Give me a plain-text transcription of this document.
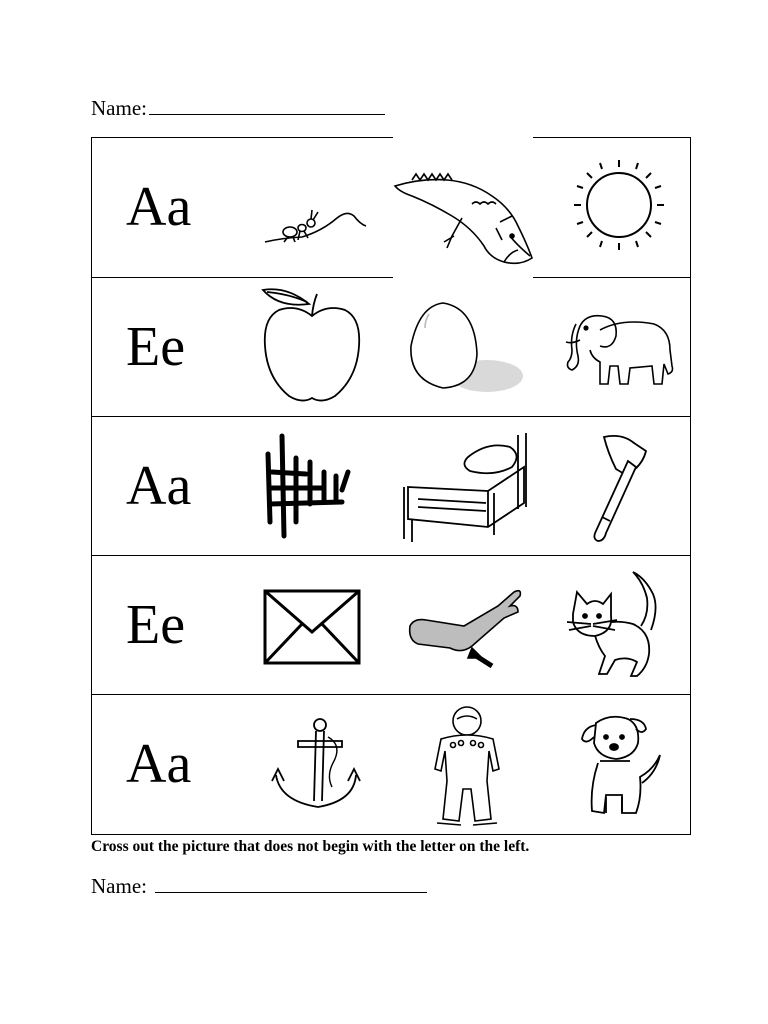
Name:
Aa
Ee
Aa
Ee
Aa
Cross out the picture that does not begin with the letter on the left.
Name:
